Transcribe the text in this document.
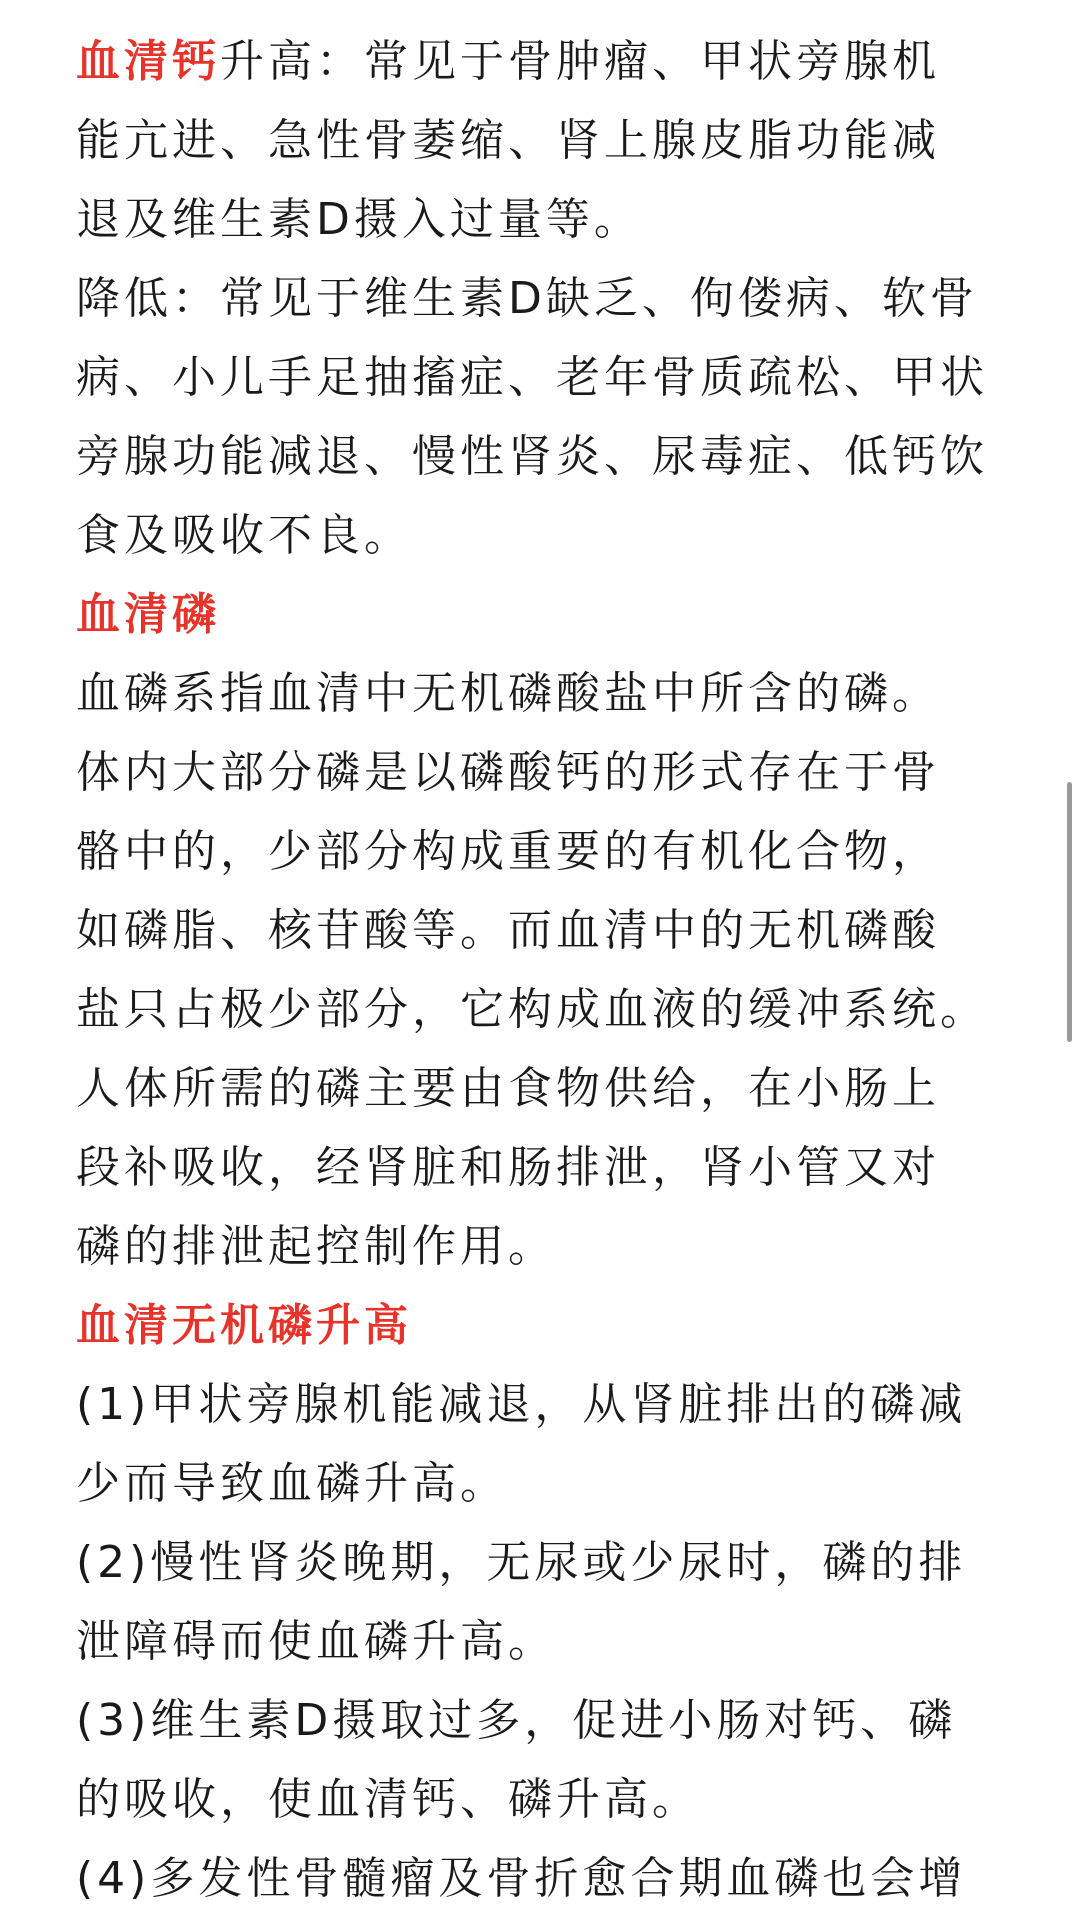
血清钙升高：常见于骨肿瘤、甲状旁腺机
能亢进、急性骨萎缩、肾上腺皮脂功能减
退及维生素D摄入过量等。
降低：常见于维生素D缺乏、佝偻病、软骨
病、小儿手足抽搐症、老年骨质疏松、甲状
旁腺功能减退、慢性肾炎、尿毒症、低钙饮
食及吸收不良。
血清磷
血磷系指血清中无机磷酸盐中所含的磷。
体内大部分磷是以磷酸钙的形式存在于骨
骼中的，少部分构成重要的有机化合物，
如磷脂、核苷酸等。而血清中的无机磷酸
盐只占极少部分，它构成血液的缓冲系统。
人体所需的磷主要由食物供给，在小肠上
段补吸收，经肾脏和肠排泄，肾小管又对
磷的排泄起控制作用。
血清无机磷升高
(1)甲状旁腺机能减退，从肾脏排出的磷减
少而导致血磷升高。
(2)慢性肾炎晚期，无尿或少尿时，磷的排
泄障碍而使血磷升高。
(3)维生素D摄取过多，促进小肠对钙、磷
的吸收，使血清钙、磷升高。
(4)多发性骨髓瘤及骨折愈合期血磷也会增
